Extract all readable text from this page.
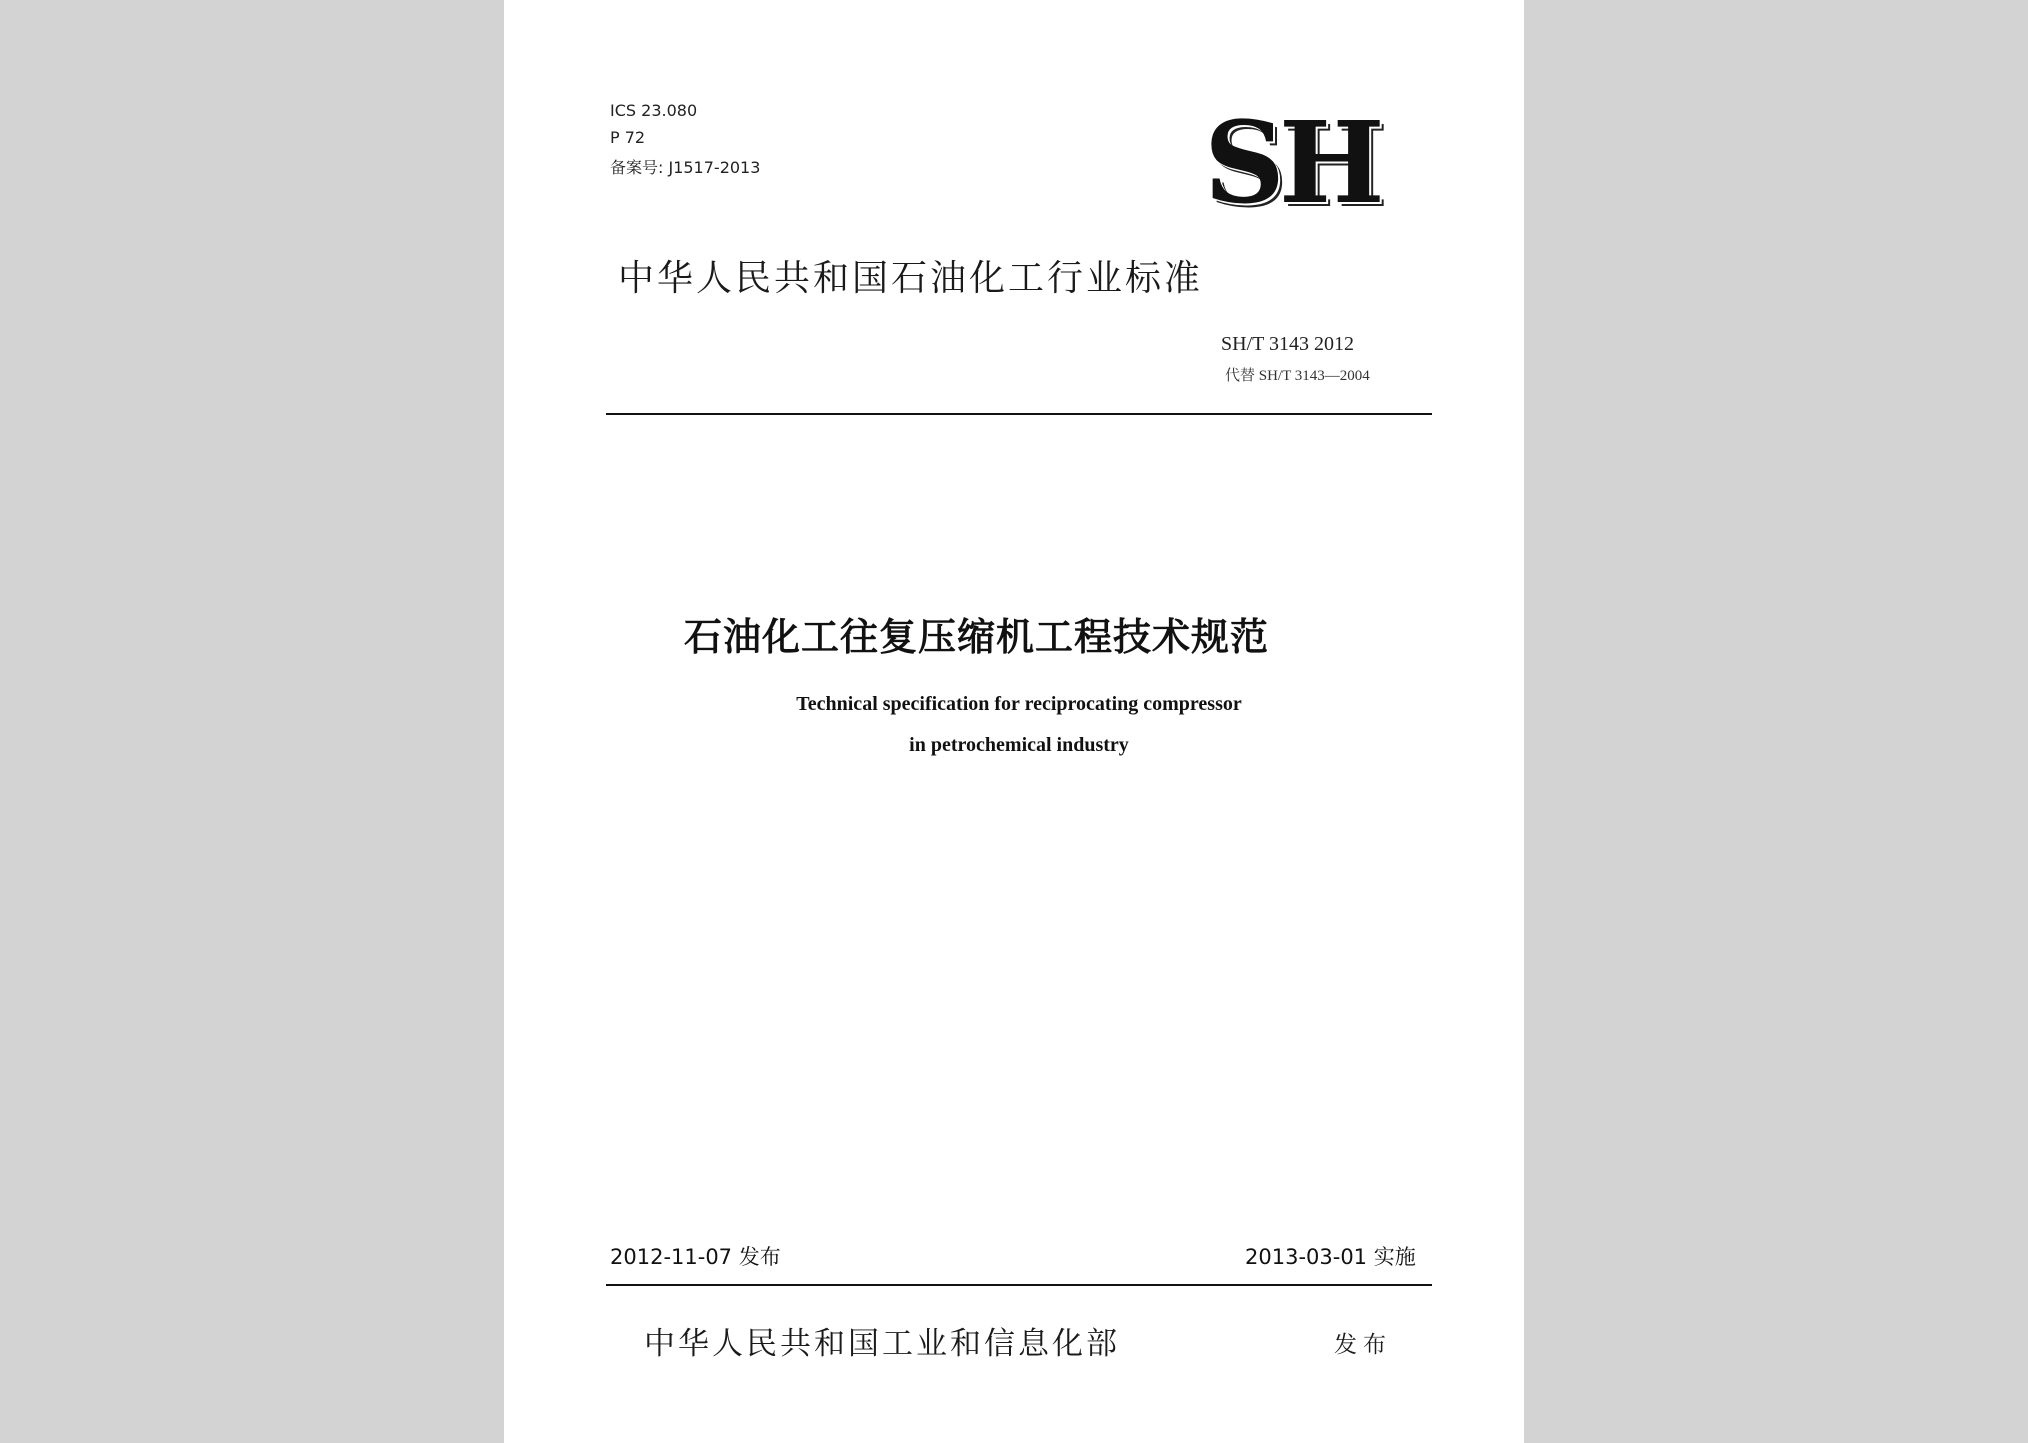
ICS 23.080
P 72
备案号: J1517-2013	SH
中华人民共和国石油化工行业标准
SH/T 3143 2012
代替 SH/T 3143—2004
石油化工往复压缩机工程技术规范
Technical specification for reciprocating compressor
in petrochemical industry
2012-11-07 发布	2013-03-01 实施
中华人民共和国工业和信息化部	发布
